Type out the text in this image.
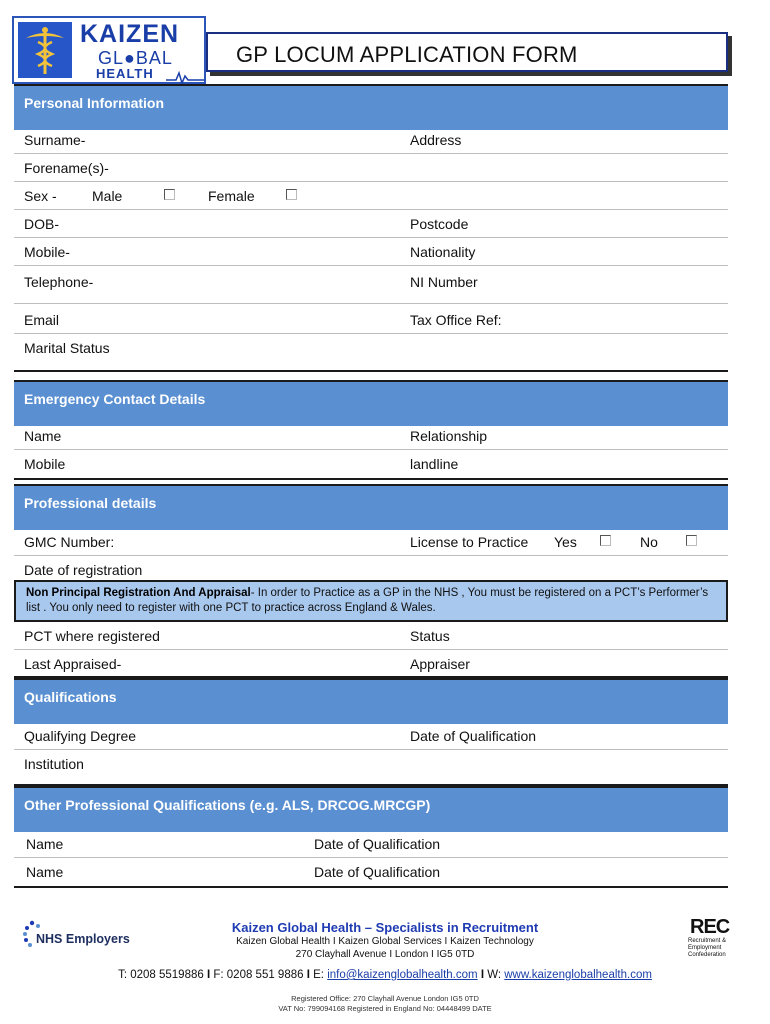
KAIZEN
GL●BAL
HEALTH
GP LOCUM APPLICATION FORM
Personal Information
Surname-	Address
Forename(s)-
Sex -	Male	Female
DOB-	Postcode
Mobile-	Nationality
Telephone-	NI Number
Email	Tax Office Ref:
Marital Status
Emergency Contact Details
Name	Relationship
Mobile	landline
Professional details
GMC Number:	License to Practice Yes	No
Date of registration
Non Principal Registration And Appraisal- In order to Practice as a GP in the NHS , You must be registered on a PCT’s Performer’s list . You only need to register with one PCT to practice across England & Wales.
PCT where registered	Status
Last Appraised-	Appraiser
Qualifications
Qualifying Degree	Date of Qualification
Institution
Other Professional Qualifications (e.g. ALS, DRCOG.MRCGP)
Name	Date of Qualification
Name	Date of Qualification
NHS Employers
REC
Recruitment & Employment Confederation
Kaizen Global Health – Specialists in Recruitment
Kaizen Global Health I Kaizen Global Services I Kaizen Technology
270 Clayhall Avenue I London I IG5 0TD
T: 0208 5519886 I F: 0208 551 9886 I E: info@kaizenglobalhealth.com I W: www.kaizenglobalhealth.com
Registered Office: 270 Clayhall Avenue London IG5 0TD
VAT No: 799094168 Registered in England No: 04448499 DATE
